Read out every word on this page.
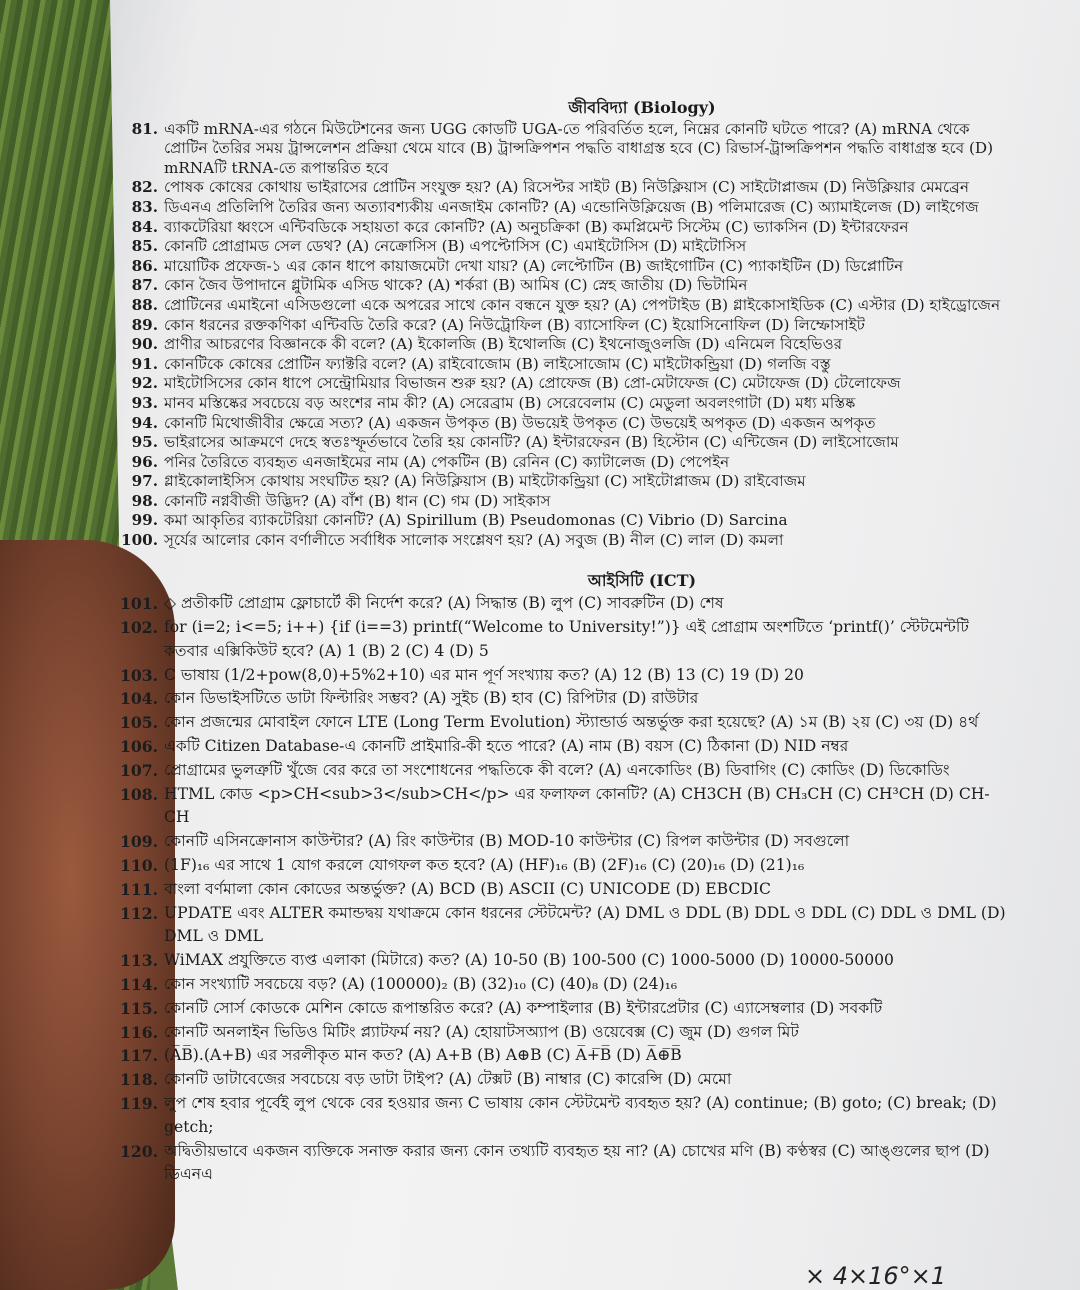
জীববিদ্যা (Biology)
81. একটি mRNA-এর গঠনে মিউটেশনের জন্য UGG কোডটি UGA-তে পরিবর্তিত হলে, নিম্নের কোনটি ঘটতে পারে? (A) mRNA থেকে প্রোটিন তৈরির সময় ট্রান্সলেশন প্রক্রিয়া থেমে যাবে (B) ট্রান্সক্রিপশন পদ্ধতি বাধাগ্রস্ত হবে (C) রিভার্স-ট্রান্সক্রিপশন পদ্ধতি বাধাগ্রস্ত হবে (D) mRNAটি tRNA-তে রূপান্তরিত হবে
82. পোষক কোষের কোথায় ভাইরাসের প্রোটিন সংযুক্ত হয়? (A) রিসেপ্টর সাইট (B) নিউক্লিয়াস (C) সাইটোপ্লাজম (D) নিউক্লিয়ার মেমব্রেন
83. ডিএনএ প্রতিলিপি তৈরির জন্য অত্যাবশ্যকীয় এনজাইম কোনটি? (A) এন্ডোনিউক্লিয়েজ (B) পলিমারেজ (C) অ্যামাইলেজ (D) লাইগেজ
84. ব্যাকটেরিয়া ধ্বংসে এন্টিবডিকে সহায়তা করে কোনটি? (A) অনুচক্রিকা (B) কমপ্লিমেন্ট সিস্টেম (C) ভ্যাকসিন (D) ইন্টারফেরন
85. কোনটি প্রোগ্রামড সেল ডেথ? (A) নেক্রোসিস (B) এপপ্টোসিস (C) এমাইটোসিস (D) মাইটোসিস
86. মায়োটিক প্রফেজ-১ এর কোন ধাপে কায়াজমেটা দেখা যায়? (A) লেপ্টোটিন (B) জাইগোটিন (C) প্যাকাইটিন (D) ডিপ্লোটিন
87. কোন জৈব উপাদানে গ্লুটামিক এসিড থাকে? (A) শর্করা (B) আমিষ (C) স্নেহ জাতীয় (D) ভিটামিন
88. প্রোটিনের এমাইনো এসিডগুলো একে অপরের সাথে কোন বন্ধনে যুক্ত হয়? (A) পেপটাইড (B) গ্লাইকোসাইডিক (C) এস্টার (D) হাইড্রোজেন
89. কোন ধরনের রক্তকণিকা এন্টিবডি তৈরি করে? (A) নিউট্রোফিল (B) ব্যাসোফিল (C) ইয়োসিনোফিল (D) লিম্ফোসাইট
90. প্রাণীর আচরণের বিজ্ঞানকে কী বলে? (A) ইকোলজি (B) ইথোলজি (C) ইথনোজুওলজি (D) এনিমেল বিহেভিওর
91. কোনটিকে কোষের প্রোটিন ফ্যাক্টরি বলে? (A) রাইবোজোম (B) লাইসোজোম (C) মাইটোকন্ড্রিয়া (D) গলজি বস্তু
92. মাইটোসিসের কোন ধাপে সেন্ট্রোমিয়ার বিভাজন শুরু হয়? (A) প্রোফেজ (B) প্রো-মেটাফেজ (C) মেটাফেজ (D) টেলোফেজ
93. মানব মস্তিষ্কের সবচেয়ে বড় অংশের নাম কী? (A) সেরেব্রাম (B) সেরেবেলাম (C) মেডুলা অবলংগাটা (D) মধ্য মস্তিষ্ক
94. কোনটি মিথোজীবীর ক্ষেত্রে সত্য? (A) একজন উপকৃত (B) উভয়েই উপকৃত (C) উভয়েই অপকৃত (D) একজন অপকৃত
95. ভাইরাসের আক্রমণে দেহে স্বতঃস্ফূর্তভাবে তৈরি হয় কোনটি? (A) ইন্টারফেরন (B) হিস্টোন (C) এন্টিজেন (D) লাইসোজোম
96. পনির তৈরিতে ব্যবহৃত এনজাইমের নাম (A) পেকটিন (B) রেনিন (C) ক্যাটালেজ (D) পেপেইন
97. গ্লাইকোলাইসিস কোথায় সংঘটিত হয়? (A) নিউক্লিয়াস (B) মাইটোকন্ড্রিয়া (C) সাইটোপ্লাজম (D) রাইবোজম
98. কোনটি নগ্নবীজী উদ্ভিদ? (A) বাঁশ (B) ধান (C) গম (D) সাইকাস
99. কমা আকৃতির ব্যাকটেরিয়া কোনটি? (A) Spirillum (B) Pseudomonas (C) Vibrio (D) Sarcina
100. সূর্যের আলোর কোন বর্ণালীতে সর্বাধিক সালোক সংশ্লেষণ হয়? (A) সবুজ (B) নীল (C) লাল (D) কমলা
আইসিটি (ICT)
101. ◇ প্রতীকটি প্রোগ্রাম ফ্লোচার্টে কী নির্দেশ করে? (A) সিদ্ধান্ত (B) লুপ (C) সাবরুটিন (D) শেষ
102. for (i=2; i<=5; i++) {if (i==3) printf(“Welcome to University!”)} এই প্রোগ্রাম অংশটিতে ‘printf()’ স্টেটমেন্টটি কতবার এক্সিকিউট হবে? (A) 1 (B) 2 (C) 4 (D) 5
103. C ভাষায় (1/2+pow(8,0)+5%2+10) এর মান পূর্ণ সংখ্যায় কত? (A) 12 (B) 13 (C) 19 (D) 20
104. কোন ডিভাইসটিতে ডাটা ফিল্টারিং সম্ভব? (A) সুইচ (B) হাব (C) রিপিটার (D) রাউটার
105. কোন প্রজন্মের মোবাইল ফোনে LTE (Long Term Evolution) স্ট্যান্ডার্ড অন্তর্ভুক্ত করা হয়েছে? (A) ১ম (B) ২য় (C) ৩য় (D) ৪র্থ
106. একটি Citizen Database-এ কোনটি প্রাইমারি-কী হতে পারে? (A) নাম (B) বয়স (C) ঠিকানা (D) NID নম্বর
107. প্রোগ্রামের ভুলত্রুটি খুঁজে বের করে তা সংশোধনের পদ্ধতিকে কী বলে? (A) এনকোডিং (B) ডিবাগিং (C) কোডিং (D) ডিকোডিং
108. HTML কোড <p>CH<sub>3</sub>CH</p> এর ফলাফল কোনটি? (A) CH3CH (B) CH₃CH (C) CH³CH (D) CH-CH
109. কোনটি এসিনক্রোনাস কাউন্টার? (A) রিং কাউন্টার (B) MOD-10 কাউন্টার (C) রিপল কাউন্টার (D) সবগুলো
110. (1F)₁₆ এর সাথে 1 যোগ করলে যোগফল কত হবে? (A) (HF)₁₆ (B) (2F)₁₆ (C) (20)₁₆ (D) (21)₁₆
111. বাংলা বর্ণমালা কোন কোডের অন্তর্ভুক্ত? (A) BCD (B) ASCII (C) UNICODE (D) EBCDIC
112. UPDATE এবং ALTER কমান্ডদ্বয় যথাক্রমে কোন ধরনের স্টেটমেন্ট? (A) DML ও DDL (B) DDL ও DDL (C) DDL ও DML (D) DML ও DML
113. WiMAX প্রযুক্তিতে ব্যপ্ত এলাকা (মিটারে) কত? (A) 10-50 (B) 100-500 (C) 1000-5000 (D) 10000-50000
114. কোন সংখ্যাটি সবচেয়ে বড়? (A) (100000)₂ (B) (32)₁₀ (C) (40)₈ (D) (24)₁₆
115. কোনটি সোর্স কোডকে মেশিন কোডে রূপান্তরিত করে? (A) কম্পাইলার (B) ইন্টারপ্রেটার (C) এ্যাসেম্বলার (D) সবকটি
116. কোনটি অনলাইন ভিডিও মিটিং প্ল্যাটফর্ম নয়? (A) হোয়াটসঅ্যাপ (B) ওয়েবেক্স (C) জুম (D) গুগল মিট
117. (A̅B̅).(A+B) এর সরলীকৃত মান কত? (A) A+B (B) A⊕B (C) A̅+̅B̅ (D) A̅⊕̅B̅
118. কোনটি ডাটাবেজের সবচেয়ে বড় ডাটা টাইপ? (A) টেক্সট (B) নাম্বার (C) কারেন্সি (D) মেমো
119. লুপ শেষ হবার পূর্বেই লুপ থেকে বের হওয়ার জন্য C ভাষায় কোন স্টেটমেন্ট ব্যবহৃত হয়? (A) continue; (B) goto; (C) break; (D) getch;
120. অদ্বিতীয়ভাবে একজন ব্যক্তিকে সনাক্ত করার জন্য কোন তথ্যটি ব্যবহৃত হয় না? (A) চোখের মণি (B) কণ্ঠস্বর (C) আঙ্গুলের ছাপ (D) ডিএনএ
× 4×16°×1
